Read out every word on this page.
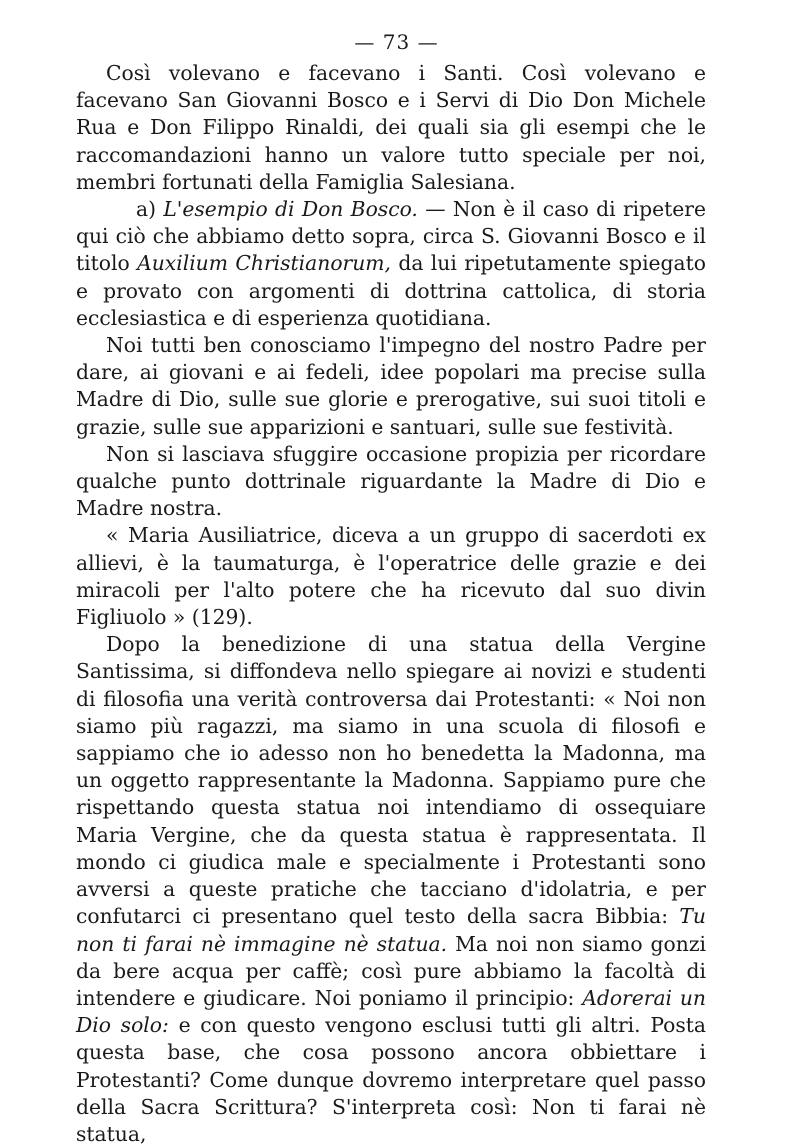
— 73 —

Così volevano e facevano i Santi. Così volevano e facevano San Giovanni Bosco e i Servi di Dio Don Michele Rua e Don Filippo Rinaldi, dei quali sia gli esempi che le raccomandazioni hanno un valore tutto speciale per noi, membri fortunati della Famiglia Salesiana.

a) L'esempio di Don Bosco. — Non è il caso di ripetere qui ciò che abbiamo detto sopra, circa S. Giovanni Bosco e il titolo Auxilium Christianorum, da lui ripetutamente spiegato e provato con argomenti di dottrina cattolica, di storia ecclesiastica e di esperienza quotidiana.

Noi tutti ben conosciamo l'impegno del nostro Padre per dare, ai giovani e ai fedeli, idee popolari ma precise sulla Madre di Dio, sulle sue glorie e prerogative, sui suoi titoli e grazie, sulle sue apparizioni e santuari, sulle sue festività.

Non si lasciava sfuggire occasione propizia per ricordare qualche punto dottrinale riguardante la Madre di Dio e Madre nostra.

« Maria Ausiliatrice, diceva a un gruppo di sacerdoti ex allievi, è la taumaturga, è l'operatrice delle grazie e dei miracoli per l'alto potere che ha ricevuto dal suo divin Figliuolo » (129).

Dopo la benedizione di una statua della Vergine Santissima, si diffondeva nello spiegare ai novizi e studenti di filosofia una verità controversa dai Protestanti: « Noi non siamo più ragazzi, ma siamo in una scuola di filosofi e sappiamo che io adesso non ho benedetta la Madonna, ma un oggetto rappresentante la Madonna. Sappiamo pure che rispettando questa statua noi intendiamo di ossequiare Maria Vergine, che da questa statua è rappresentata. Il mondo ci giudica male e specialmente i Protestanti sono avversi a queste pratiche che tacciano d'idolatria, e per confutarci ci presentano quel testo della sacra Bibbia: Tu non ti farai nè immagine nè statua. Ma noi non siamo gonzi da bere acqua per caffè; così pure abbiamo la facoltà di intendere e giudicare. Noi poniamo il principio: Adorerai un Dio solo: e con questo vengono esclusi tutti gli altri. Posta questa base, che cosa possono ancora obbiettare i Protestanti? Come dunque dovremo interpretare quel passo della Sacra Scrittura? S'interpreta così: Non ti farai nè statua,
